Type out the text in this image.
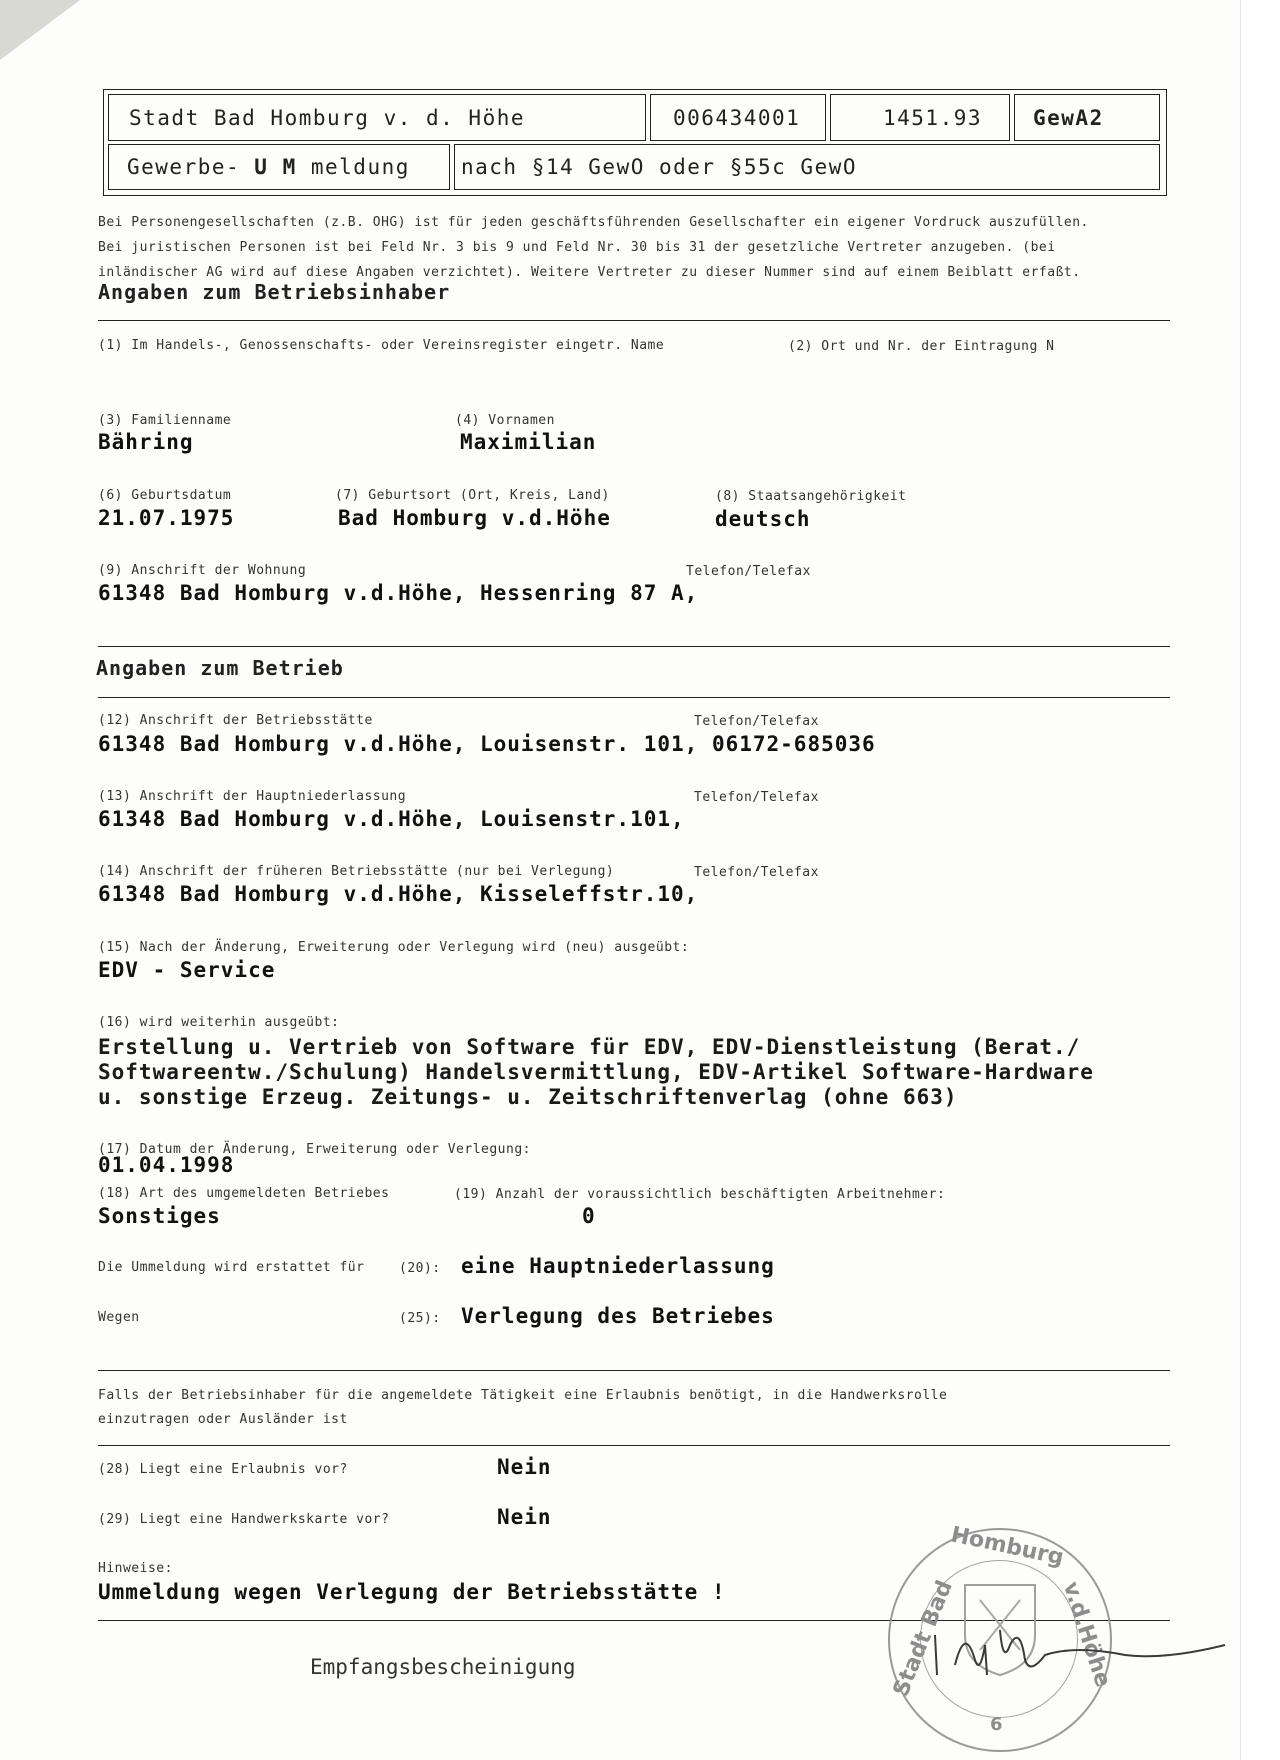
Stadt Bad Homburg v. d. Höhe	006434001	1451.93 GewA2
Gewerbe- U M meldung nach §14 GewO oder §55c GewO
Bei Personengesellschaften (z.B. OHG) ist für jeden geschäftsführenden Gesellschafter ein eigener Vordruck auszufüllen.
Bei juristischen Personen ist bei Feld Nr. 3 bis 9 und Feld Nr. 30 bis 31 der gesetzliche Vertreter anzugeben. (bei
inländischer AG wird auf diese Angaben verzichtet). Weitere Vertreter zu dieser Nummer sind auf einem Beiblatt erfaßt.
Angaben zum Betriebsinhaber
(1) Im Handels-, Genossenschafts- oder Vereinsregister eingetr. Name	(2) Ort und Nr. der Eintragung N
(3) Familienname
Bähring
(4) Vornamen
Maximilian
(6) Geburtsdatum
21.07.1975
(7) Geburtsort (Ort, Kreis, Land)
Bad Homburg v.d.Höhe
(8) Staatsangehörigkeit
deutsch
(9) Anschrift der Wohnung	Telefon/Telefax
61348 Bad Homburg v.d.Höhe, Hessenring 87 A,
Angaben zum Betrieb
(12) Anschrift der Betriebsstätte	Telefon/Telefax
61348 Bad Homburg v.d.Höhe, Louisenstr. 101, 06172-685036
(13) Anschrift der Hauptniederlassung	Telefon/Telefax
61348 Bad Homburg v.d.Höhe, Louisenstr.101,
(14) Anschrift der früheren Betriebsstätte (nur bei Verlegung)	Telefon/Telefax
61348 Bad Homburg v.d.Höhe, Kisseleffstr.10,
(15) Nach der Änderung, Erweiterung oder Verlegung wird (neu) ausgeübt:
EDV - Service
(16) wird weiterhin ausgeübt:
Erstellung u. Vertrieb von Software für EDV, EDV-Dienstleistung (Berat./
Softwareentw./Schulung) Handelsvermittlung, EDV-Artikel Software-Hardware
u. sonstige Erzeug. Zeitungs- u. Zeitschriftenverlag (ohne 663)
(17) Datum der Änderung, Erweiterung oder Verlegung:
01.04.1998
(18) Art des umgemeldeten Betriebes	(19) Anzahl der voraussichtlich beschäftigten Arbeitnehmer:
Sonstiges	0
Die Ummeldung wird erstattet für	(20): eine Hauptniederlassung
Wegen	(25): Verlegung des Betriebes
Falls der Betriebsinhaber für die angemeldete Tätigkeit eine Erlaubnis benötigt, in die Handwerksrolle
einzutragen oder Ausländer ist
(28) Liegt eine Erlaubnis vor?	Nein
(29) Liegt eine Handwerkskarte vor?	Nein
Hinweise:
Ummeldung wegen Verlegung der Betriebsstätte !
Empfangsbescheinigung
Homburg
Stadt Bad	v.d.Höhe
6
